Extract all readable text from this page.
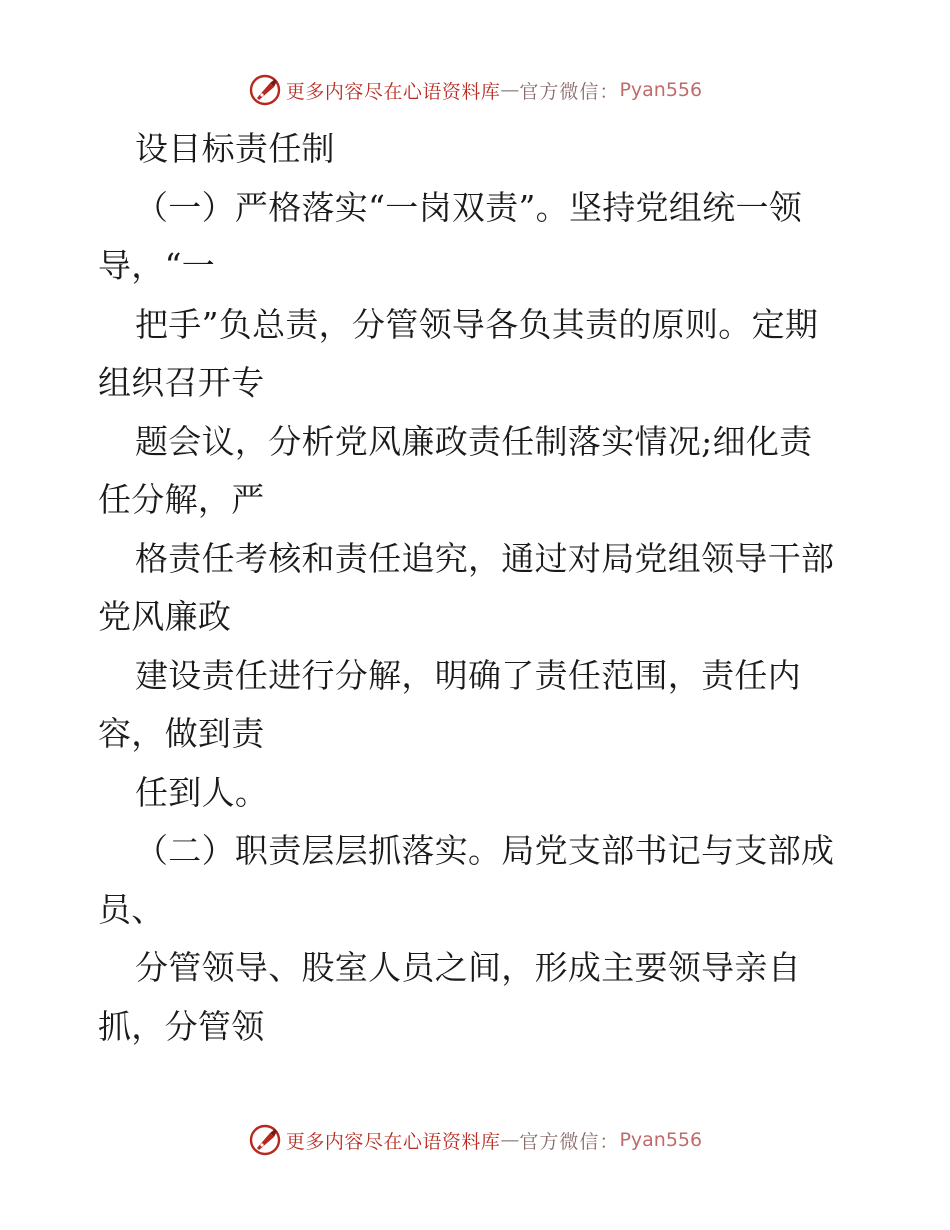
更多内容尽在心语资料库 — 官方微信： Pyan556
设目标责任制
（一）严格落实“一岗双责”。坚持党组统一领
导，“一
把手”负总责，分管领导各负其责的原则。定期
组织召开专
题会议，分析党风廉政责任制落实情况;细化责
任分解，严
格责任考核和责任追究，通过对局党组领导干部
党风廉政
建设责任进行分解，明确了责任范围，责任内
容，做到责
任到人。
（二）职责层层抓落实。局党支部书记与支部成
员、
分管领导、股室人员之间，形成主要领导亲自
抓，分管领
更多内容尽在心语资料库 — 官方微信： Pyan556
